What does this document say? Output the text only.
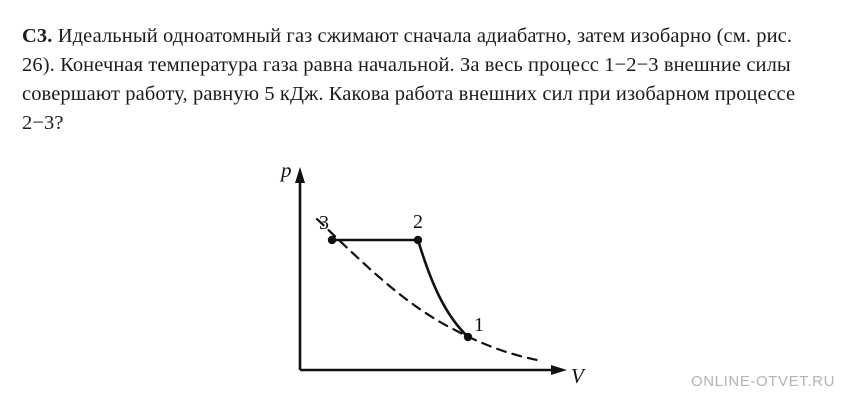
C3. Идеальный одноатомный газ сжимают сначала адиабатно, затем изобарно (см. рис. 26). Конечная температура газа равна начальной. За весь процесс 1−2−3 внешние силы совершают работу, равную 5 кДж. Какова работа внешних сил при изобарном процессе 2−3?
3	2
1
p
V	ONLINE-OTVET.RU
